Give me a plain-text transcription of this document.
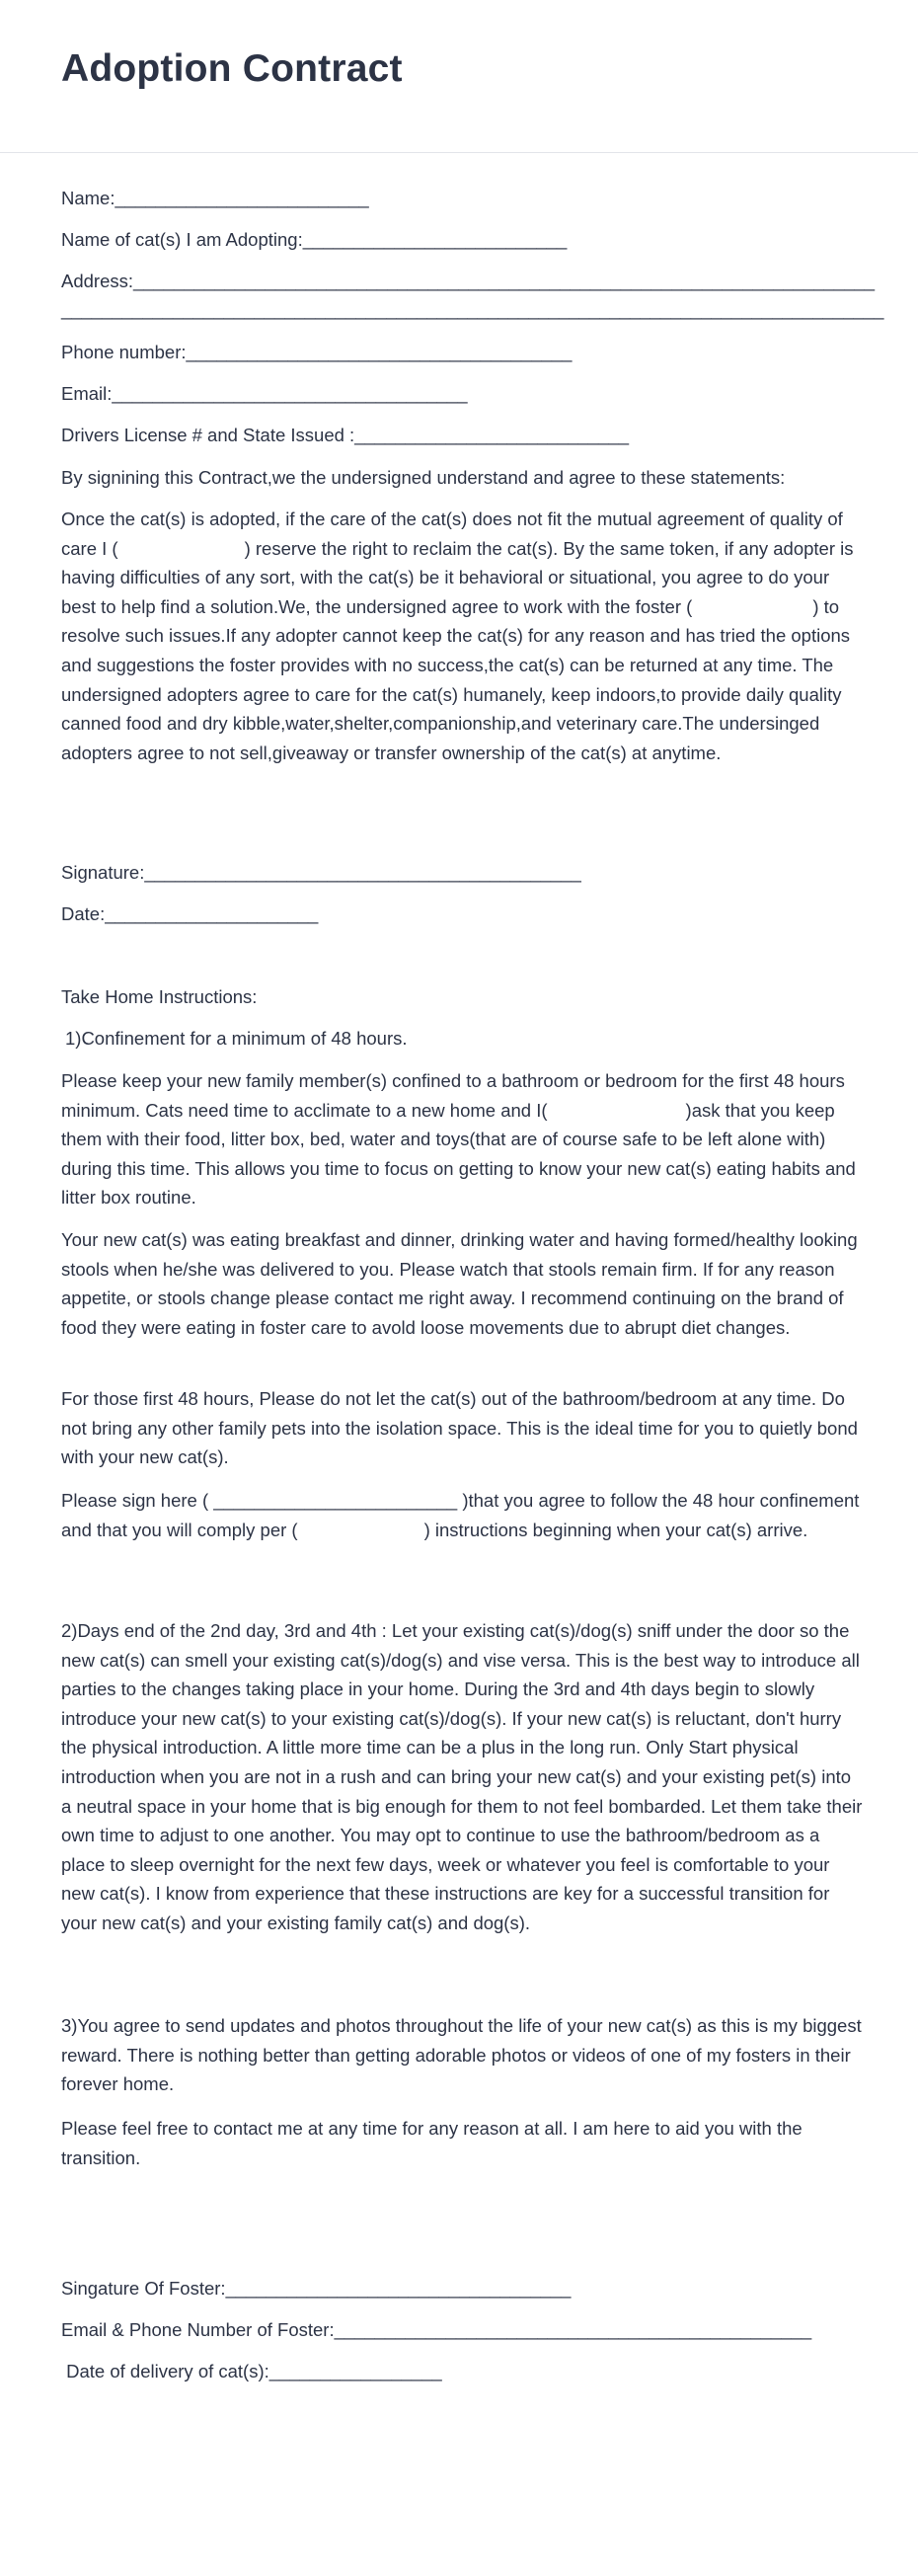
Adoption Contract
Name:_________________________
Name of cat(s) I am Adopting:__________________________
Address:_________________________________________________________________________
_________________________________________________________________________________
Phone number:______________________________________
Email:___________________________________
Drivers License # and State Issued :___________________________
By signining this Contract,we the undersigned understand and agree to these statements:

Once the cat(s) is adopted, if the care of the cat(s) does not fit the mutual agreement of quality of care I (	) reserve the right to reclaim the cat(s). By the same token, if any adopter is having difficulties of any sort, with the cat(s) be it behavioral or situational, you agree to do your best to help find a solution.We, the undersigned agree to work with the foster (	) to resolve such issues.If any adopter cannot keep the cat(s) for any reason and has tried the options and suggestions the foster provides with no success,the cat(s) can be returned at any time. The undersigned adopters agree to care for the cat(s) humanely, keep indoors,to provide daily quality canned food and dry kibble,water,shelter,companionship,and veterinary care.The undersinged adopters agree to not sell,giveaway or transfer ownership of the cat(s) at anytime.

Signature:___________________________________________
Date:_____________________
Take Home Instructions:
1)Confinement for a minimum of 48 hours.

Please keep your new family member(s) confined to a bathroom or bedroom for the first 48 hours minimum. Cats need time to acclimate to a new home and I(	)ask that you keep them with their food, litter box, bed, water and toys(that are of course safe to be left alone with) during this time. This allows you time to focus on getting to know your new cat(s) eating habits and litter box routine.

Your new cat(s) was eating breakfast and dinner, drinking water and having formed/healthy looking stools when he/she was delivered to you. Please watch that stools remain firm. If for any reason appetite, or stools change please contact me right away. I recommend continuing on the brand of food they were eating in foster care to avold loose movements due to abrupt diet changes.

For those first 48 hours, Please do not let the cat(s) out of the bathroom/bedroom at any time. Do not bring any other family pets into the isolation space. This is the ideal time for you to quietly bond with your new cat(s).

Please sign here ( ________________________ )that you agree to follow the 48 hour confinement and that you will comply per (	) instructions beginning when your cat(s) arrive.

2)Days end of the 2nd day, 3rd and 4th : Let your existing cat(s)/dog(s) sniff under the door so the new cat(s) can smell your existing cat(s)/dog(s) and vise versa. This is the best way to introduce all parties to the changes taking place in your home. During the 3rd and 4th days begin to slowly introduce your new cat(s) to your existing cat(s)/dog(s). If your new cat(s) is reluctant, don't hurry the physical introduction. A little more time can be a plus in the long run. Only Start physical introduction when you are not in a rush and can bring your new cat(s) and your existing pet(s) into a neutral space in your home that is big enough for them to not feel bombarded. Let them take their own time to adjust to one another. You may opt to continue to use the bathroom/bedroom as a place to sleep overnight for the next few days, week or whatever you feel is comfortable to your new cat(s). I know from experience that these instructions are key for a successful transition for your new cat(s) and your existing family cat(s) and dog(s).

3)You agree to send updates and photos throughout the life of your new cat(s) as this is my biggest reward. There is nothing better than getting adorable photos or videos of one of my fosters in their forever home.

Please feel free to contact me at any time for any reason at all. I am here to aid you with the transition.

Singature Of Foster:__________________________________
Email & Phone Number of Foster:_______________________________________________
Date of delivery of cat(s):_________________
